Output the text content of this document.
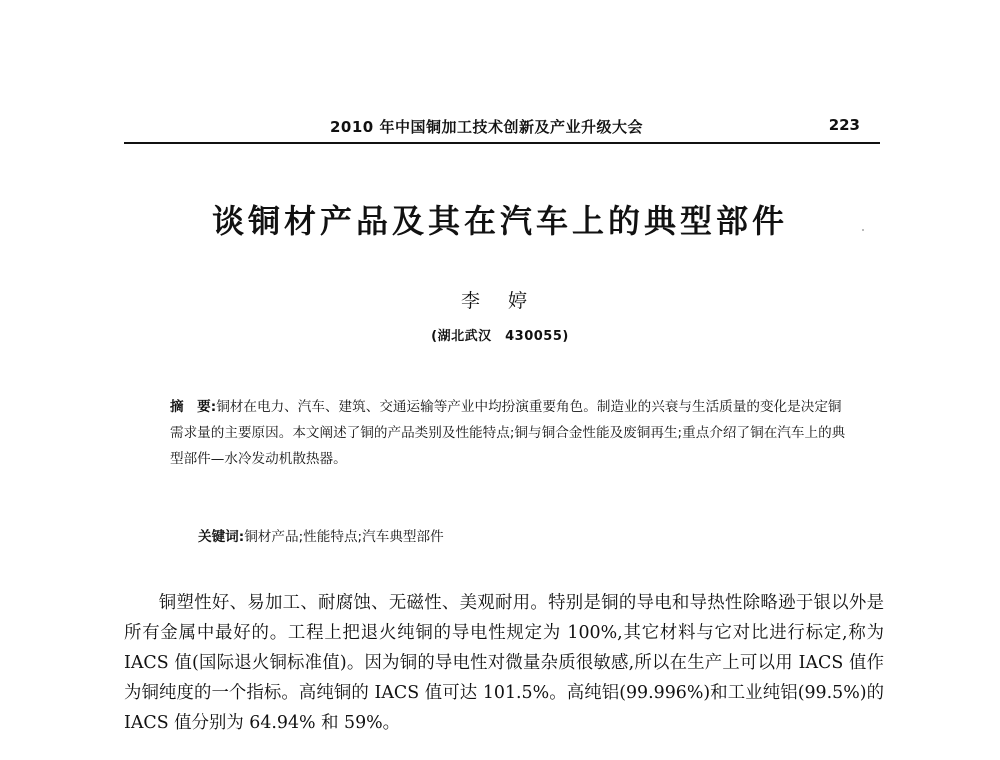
2010 年中国铜加工技术创新及产业升级大会	223
谈铜材产品及其在汽车上的典型部件
李婷
(湖北武汉　430055)
摘　要:铜材在电力、汽车、建筑、交通运输等产业中均扮演重要角色。制造业的兴衰与生活质量的变化是决定铜需求量的主要原因。本文阐述了铜的产品类别及性能特点;铜与铜合金性能及废铜再生;重点介绍了铜在汽车上的典型部件—水冷发动机散热器。
关键词:铜材产品;性能特点;汽车典型部件

铜塑性好、易加工、耐腐蚀、无磁性、美观耐用。特别是铜的导电和导热性除略逊于银以外是所有金属中最好的。工程上把退火纯铜的导电性规定为 100%,其它材料与它对比进行标定,称为 IACS 值(国际退火铜标准值)。因为铜的导电性对微量杂质很敏感,所以在生产上可以用 IACS 值作为铜纯度的一个指标。高纯铜的 IACS 值可达 101.5%。高纯铝(99.996%)和工业纯铝(99.5%)的 IACS 值分别为 64.94% 和 59%。
